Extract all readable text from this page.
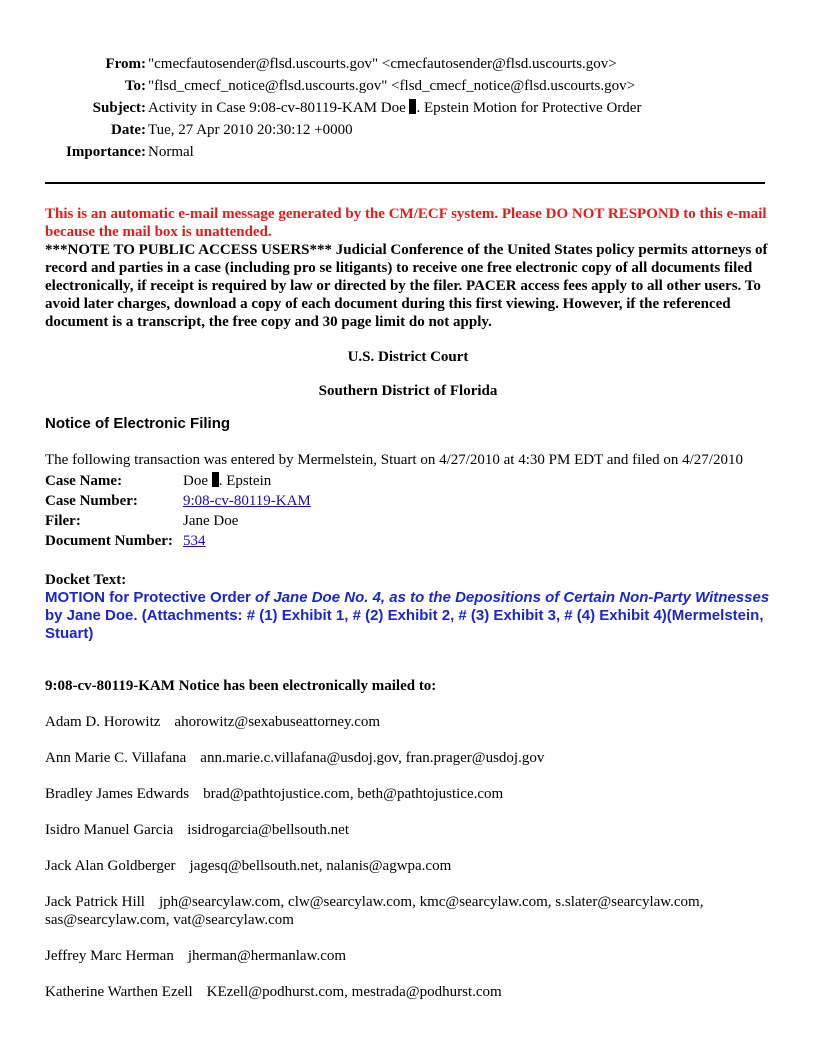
From: "cmecfautosender@flsd.uscourts.gov" <cmecfautosender@flsd.uscourts.gov>
To: "flsd_cmecf_notice@flsd.uscourts.gov" <flsd_cmecf_notice@flsd.uscourts.gov>
Subject: Activity in Case 9:08-cv-80119-KAM Doe . Epstein Motion for Protective Order
Date: Tue, 27 Apr 2010 20:30:12 +0000
Importance: Normal

This is an automatic e-mail message generated by the CM/ECF system. Please DO NOT RESPOND to this e-mail because the mail box is unattended.

***NOTE TO PUBLIC ACCESS USERS*** Judicial Conference of the United States policy permits attorneys of record and parties in a case (including pro se litigants) to receive one free electronic copy of all documents filed electronically, if receipt is required by law or directed by the filer. PACER access fees apply to all other users. To avoid later charges, download a copy of each document during this first viewing. However, if the referenced document is a transcript, the free copy and 30 page limit do not apply.

U.S. District Court

Southern District of Florida

Notice of Electronic Filing

The following transaction was entered by Mermelstein, Stuart on 4/27/2010 at 4:30 PM EDT and filed on 4/27/2010

Case Name:	Doe . Epstein
Case Number:	9:08-cv-80119-KAM
Filer:	Jane Doe
Document Number:	534

Docket Text:

MOTION for Protective Order of Jane Doe No. 4, as to the Depositions of Certain Non-Party Witnesses by Jane Doe. (Attachments: # (1) Exhibit 1, # (2) Exhibit 2, # (3) Exhibit 3, # (4) Exhibit 4)(Mermelstein, Stuart)

9:08-cv-80119-KAM Notice has been electronically mailed to:

Adam D. Horowitz ahorowitz@sexabuseattorney.com

Ann Marie C. Villafana ann.marie.c.villafana@usdoj.gov, fran.prager@usdoj.gov

Bradley James Edwards brad@pathtojustice.com, beth@pathtojustice.com

Isidro Manuel Garcia isidrogarcia@bellsouth.net

Jack Alan Goldberger jagesq@bellsouth.net, nalanis@agwpa.com

Jack Patrick Hill jph@searcylaw.com, clw@searcylaw.com, kmc@searcylaw.com, s.slater@searcylaw.com, sas@searcylaw.com, vat@searcylaw.com

Jeffrey Marc Herman jherman@hermanlaw.com

Katherine Warthen Ezell KEzell@podhurst.com, mestrada@podhurst.com
